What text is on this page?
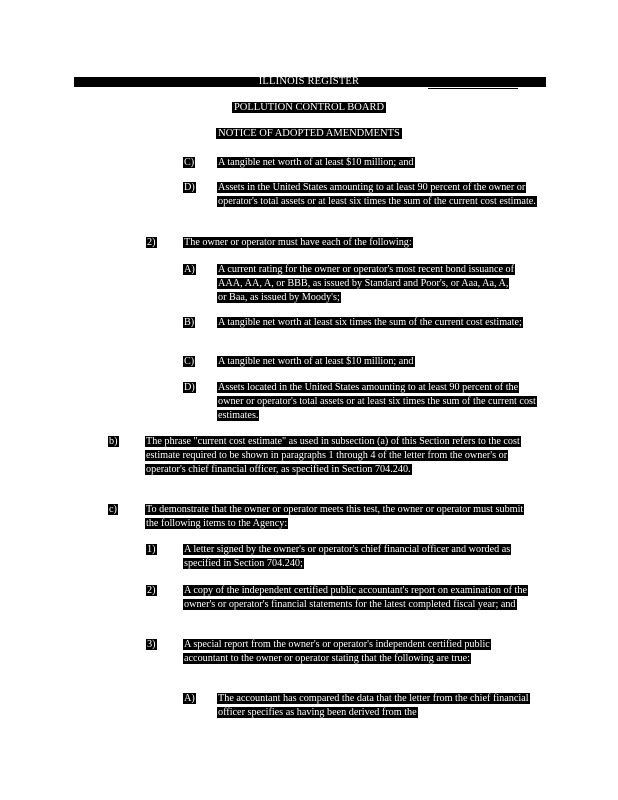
ILLINOIS REGISTER
POLLUTION CONTROL BOARD
NOTICE OF ADOPTED AMENDMENTS
C) A tangible net worth of at least $10 million; and
D) Assets in the United States amounting to at least 90 percent of the owner or operator's total assets or at least six times the sum of the current cost estimate.
2)	The owner or operator must have each of the following:
A) A current rating for the owner or operator's most recent bond issuance of AAA, AA, A, or BBB, as issued by Standard and Poor's, or Aaa, Aa, A, or Baa, as issued by Moody's;
B) A tangible net worth at least six times the sum of the current cost estimate;
C) A tangible net worth of at least $10 million; and
D) Assets located in the United States amounting to at least 90 percent of the owner or operator's total assets or at least six times the sum of the current cost estimates.
b)	The phrase "current cost estimate" as used in subsection (a) of this Section refers to the cost estimate required to be shown in paragraphs 1 through 4 of the letter from the owner's or operator's chief financial officer, as specified in Section 704.240.
c)	To demonstrate that the owner or operator meets this test, the owner or operator must submit the following items to the Agency:
1)	A letter signed by the owner's or operator's chief financial officer and worded as specified in Section 704.240;
2)	A copy of the independent certified public accountant's report on examination of the owner's or operator's financial statements for the latest completed fiscal year; and
3)	A special report from the owner's or operator's independent certified public accountant to the owner or operator stating that the following are true:
A) The accountant has compared the data that the letter from the chief financial officer specifies as having been derived from the
